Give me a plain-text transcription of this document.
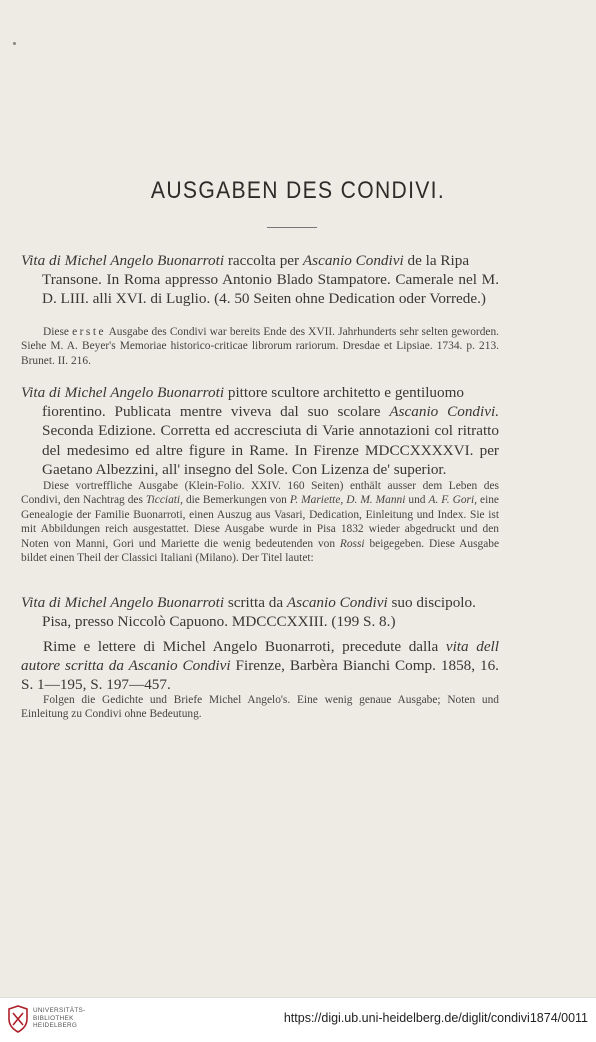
AUSGABEN DES CONDIVI.
Vita di Michel Angelo Buonarroti raccolta per Ascanio Condivi de la Ripa
Transone. In Roma appresso Antonio Blado Stampatore. Camerale nel M. D. LIII. alli XVI. di Luglio. (4. 50 Seiten ohne Dedication oder Vorrede.)
Diese erste Ausgabe des Condivi war bereits Ende des XVII. Jahrhunderts sehr selten geworden. Siehe M. A. Beyer's Memoriae historico-criticae librorum rariorum. Dresdae et Lipsiae. 1734. p. 213. Brunet. II. 216.
Vita di Michel Angelo Buonarroti pittore scultore architetto e gentiluomo
fiorentino. Publicata mentre viveva dal suo scolare Ascanio Condivi. Seconda Edizione. Corretta ed accresciuta di Varie annotazioni col ritratto del medesimo ed altre figure in Rame. In Firenze MDCCXXXXVI. per Gaetano Albezzini, all' insegno del Sole. Con Lizenza de' superior.
Diese vortreffliche Ausgabe (Klein-Folio. XXIV. 160 Seiten) enthält ausser dem Leben des Condivi, den Nachtrag des Ticciati, die Bemerkungen von P. Mariette, D. M. Manni und A. F. Gori, eine Genealogie der Familie Buonarroti, einen Auszug aus Vasari, Dedication, Einleitung und Index. Sie ist mit Abbildungen reich ausgestattet. Diese Ausgabe wurde in Pisa 1832 wieder abgedruckt und den Noten von Manni, Gori und Mariette die wenig bedeutenden von Rossi beigegeben. Diese Ausgabe bildet einen Theil der Classici Italiani (Milano). Der Titel lautet:
Vita di Michel Angelo Buonarroti scritta da Ascanio Condivi suo discipolo.
Pisa, presso Niccolò Capuono. MDCCCXXIII. (199 S. 8.)
Rime e lettere di Michel Angelo Buonarroti, precedute dalla vita dell autore scritta da Ascanio Condivi Firenze, Barbèra Bianchi Comp. 1858, 16. S. 1—195, S. 197—457.
Folgen die Gedichte und Briefe Michel Angelo's. Eine wenig genaue Ausgabe; Noten und Einleitung zu Condivi ohne Bedeutung.
UNIVERSITÄTS-
BIBLIOTHEK
HEIDELBERG
https://digi.ub.uni-heidelberg.de/diglit/condivi1874/0011
